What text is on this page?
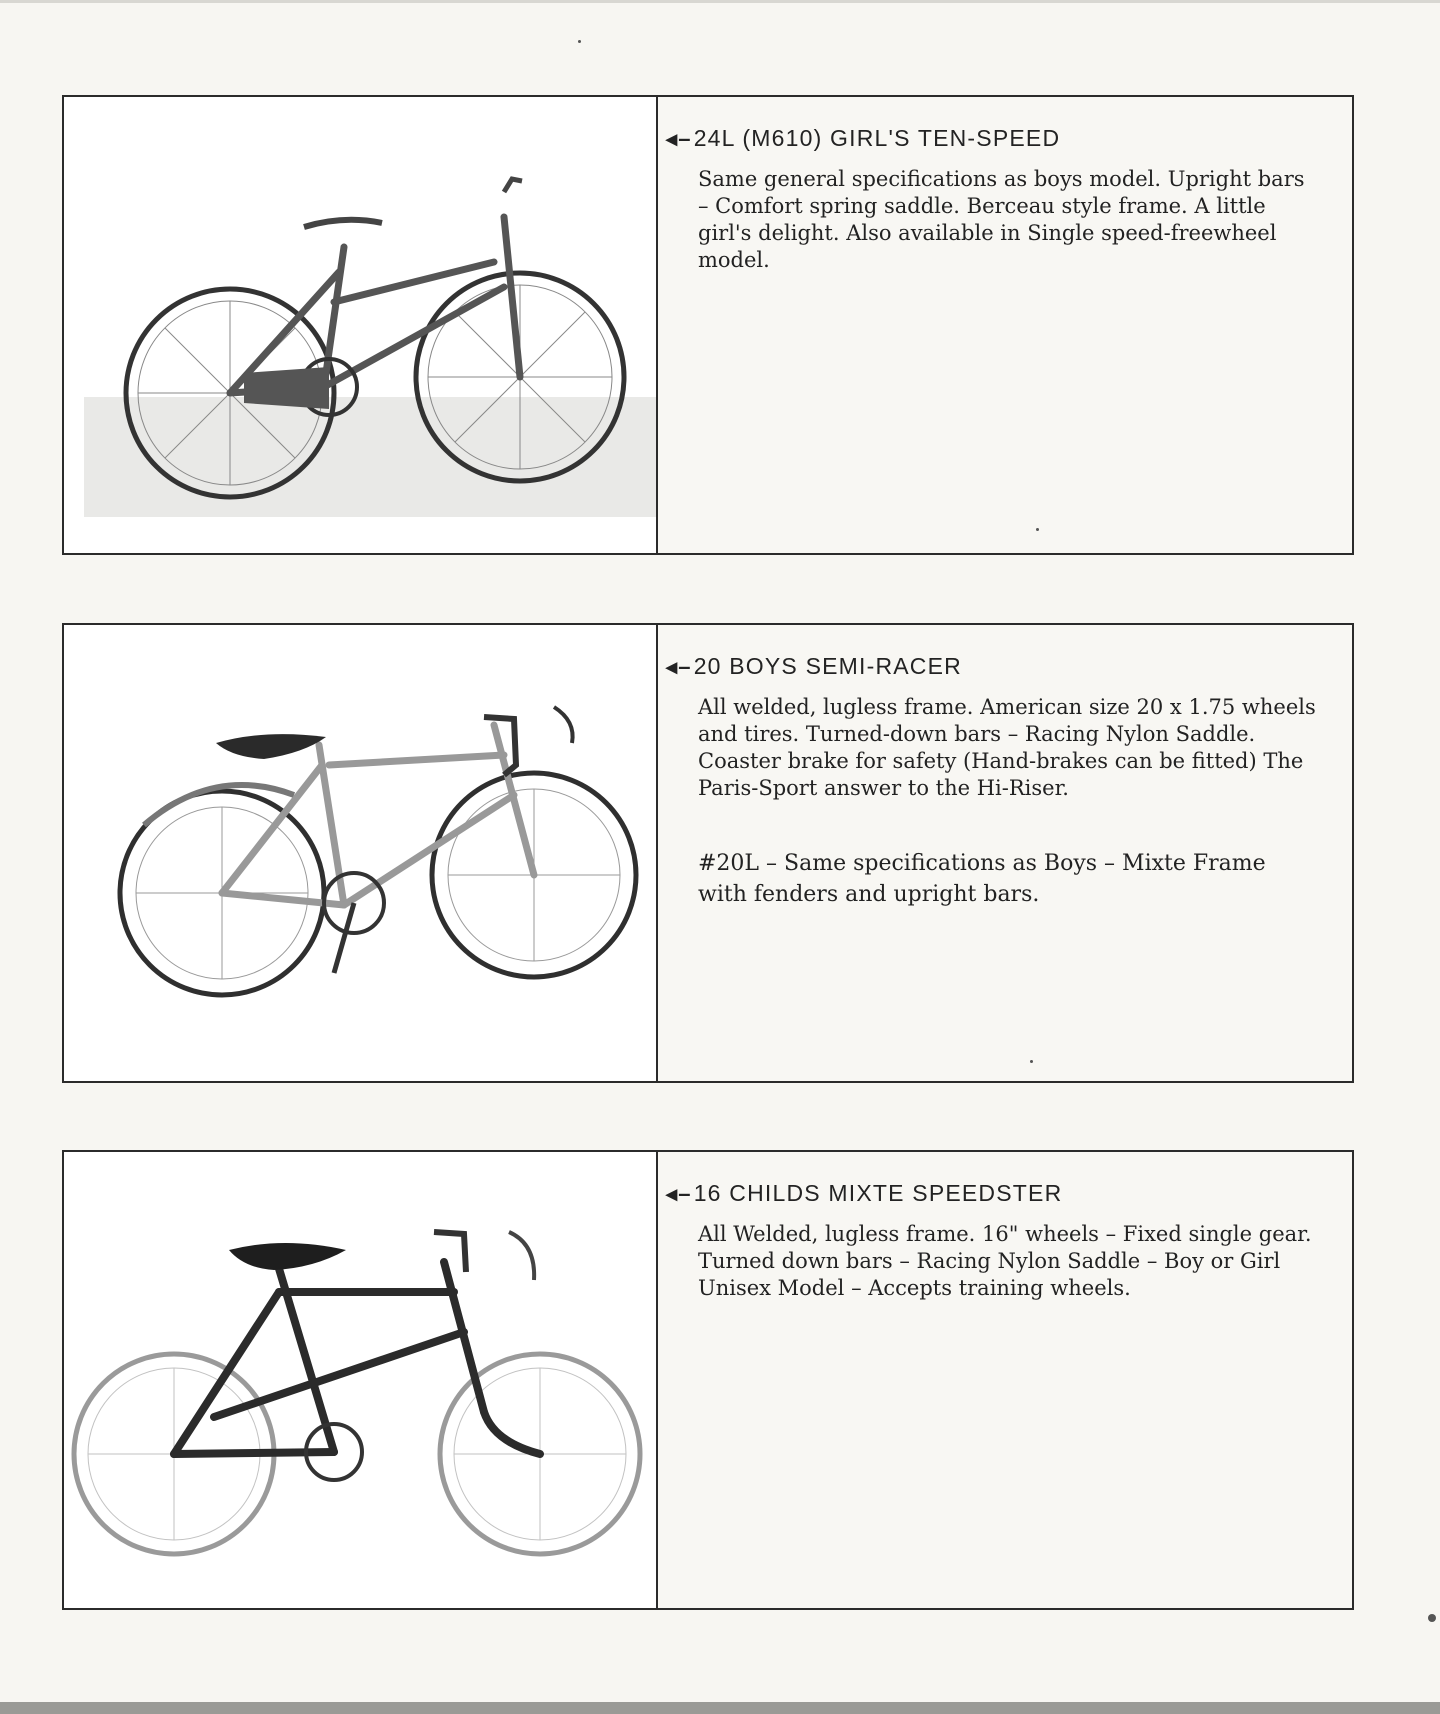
◂–24L (M610) GIRL'S TEN-SPEED

Same general specifications as boys model. Upright bars – Comfort spring saddle. Berceau style frame. A little girl's delight. Also available in Single speed-freewheel model.

◂–20 BOYS SEMI-RACER

All welded, lugless frame. American size 20 x 1.75 wheels and tires. Turned-down bars – Racing Nylon Saddle. Coaster brake for safety (Hand-brakes can be fitted) The Paris-Sport answer to the Hi-Riser.

#20L – Same specifications as Boys – Mixte Frame with fenders and upright bars.

◂–16 CHILDS MIXTE SPEEDSTER

All Welded, lugless frame. 16" wheels – Fixed single gear. Turned down bars – Racing Nylon Saddle – Boy or Girl Unisex Model – Accepts training wheels.
